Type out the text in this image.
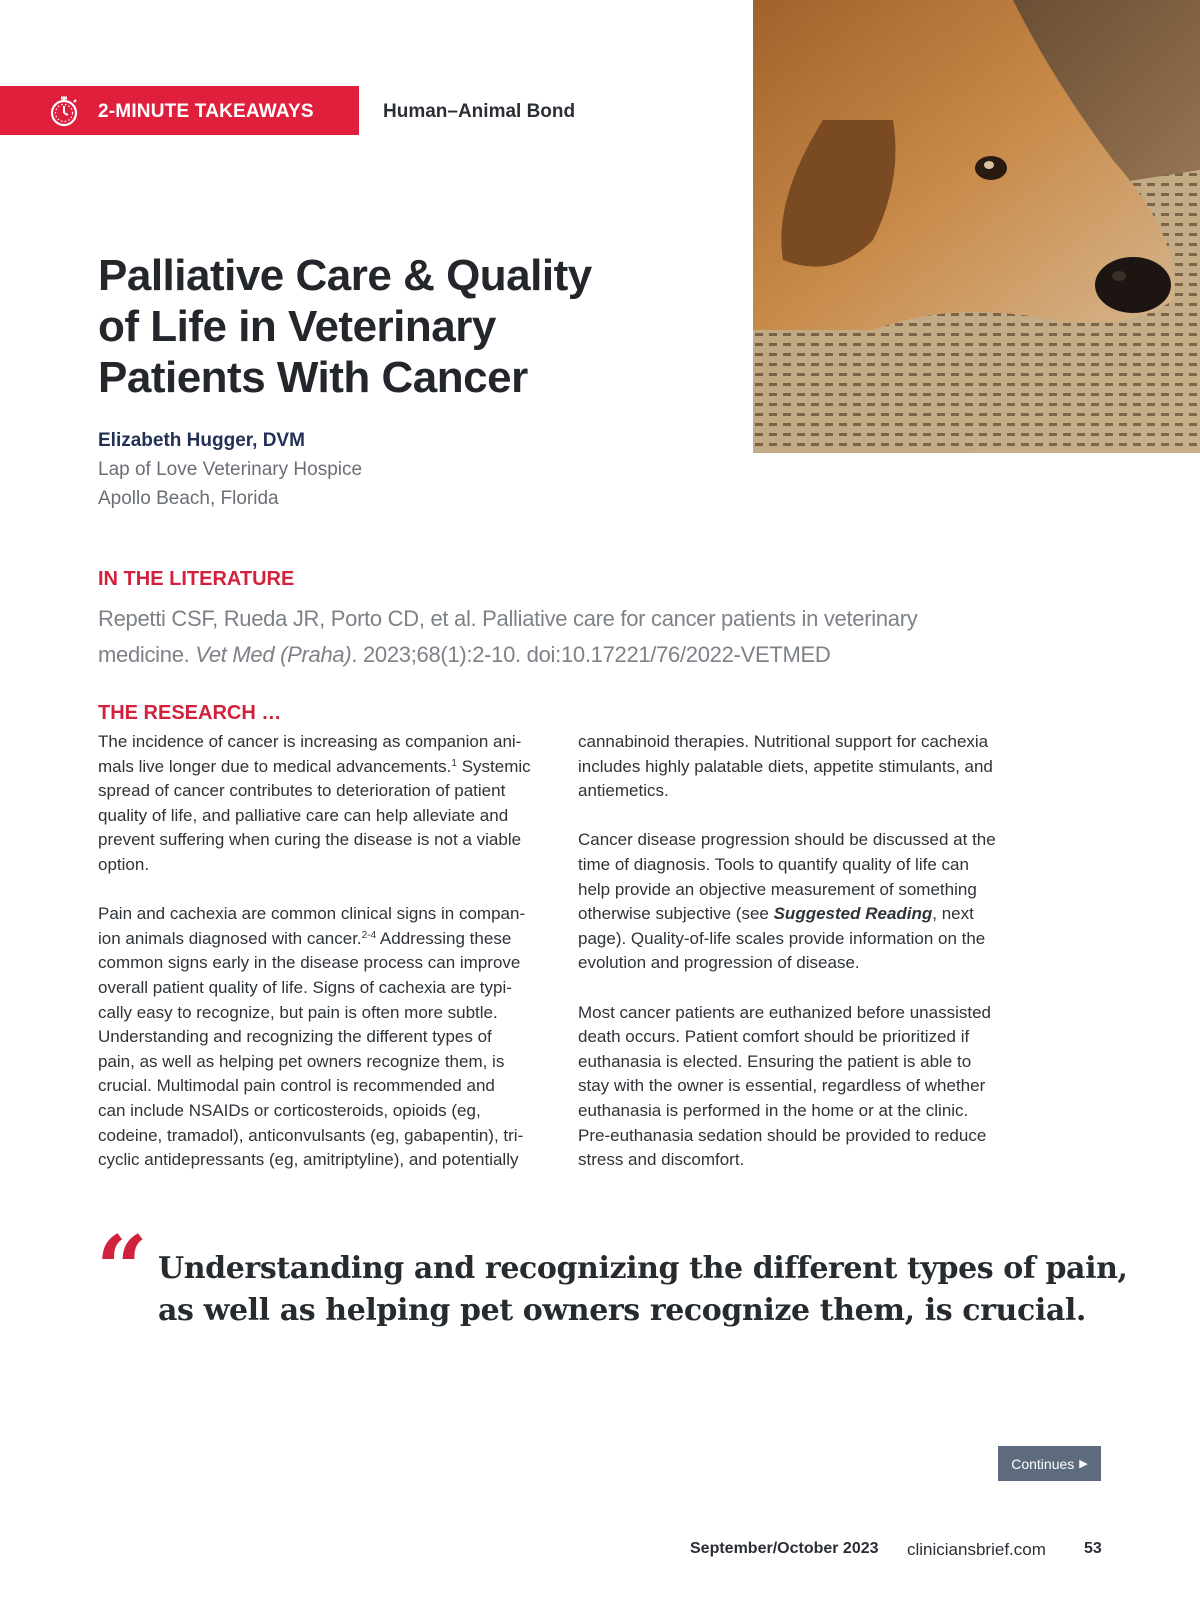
2-MINUTE TAKEAWAYS	Human–Animal Bond
Palliative Care & Quality
of Life in Veterinary
Patients With Cancer
Elizabeth Hugger, DVM
Lap of Love Veterinary Hospice
Apollo Beach, Florida
IN THE LITERATURE
Repetti CSF, Rueda JR, Porto CD, et al. Palliative care for cancer patients in veterinary
medicine. Vet Med (Praha). 2023;68(1):2-10. doi:10.17221/76/2022-VETMED
THE RESEARCH …
The incidence of cancer is increasing as companion ani-
mals live longer due to medical advancements.$^1$ Systemic
spread of cancer contributes to deterioration of patient
quality of life, and palliative care can help alleviate and
prevent suffering when curing the disease is not a viable
option.
Pain and cachexia are common clinical signs in compan-
ion animals diagnosed with cancer.$^{2-4}$ Addressing these
common signs early in the disease process can improve
overall patient quality of life. Signs of cachexia are typi-
cally easy to recognize, but pain is often more subtle.
Understanding and recognizing the different types of
pain, as well as helping pet owners recognize them, is
crucial. Multimodal pain control is recommended and
can include NSAIDs or corticosteroids, opioids (eg,
codeine, tramadol), anticonvulsants (eg, gabapentin), tri-
cyclic antidepressants (eg, amitriptyline), and potentially
cannabinoid therapies. Nutritional support for cachexia
includes highly palatable diets, appetite stimulants, and
antiemetics.
Cancer disease progression should be discussed at the
time of diagnosis. Tools to quantify quality of life can
help provide an objective measurement of something
otherwise subjective (see Suggested Reading, next
page). Quality-of-life scales provide information on the
evolution and progression of disease.
Most cancer patients are euthanized before unassisted
death occurs. Patient comfort should be prioritized if
euthanasia is elected. Ensuring the patient is able to
stay with the owner is essential, regardless of whether
euthanasia is performed in the home or at the clinic.
Pre-euthanasia sedation should be provided to reduce
stress and discomfort.
“ Understanding and recognizing the different types of pain,
as well as helping pet owners recognize them, is crucial.
Continues ▶
September/October 2023 cliniciansbrief.com 53
